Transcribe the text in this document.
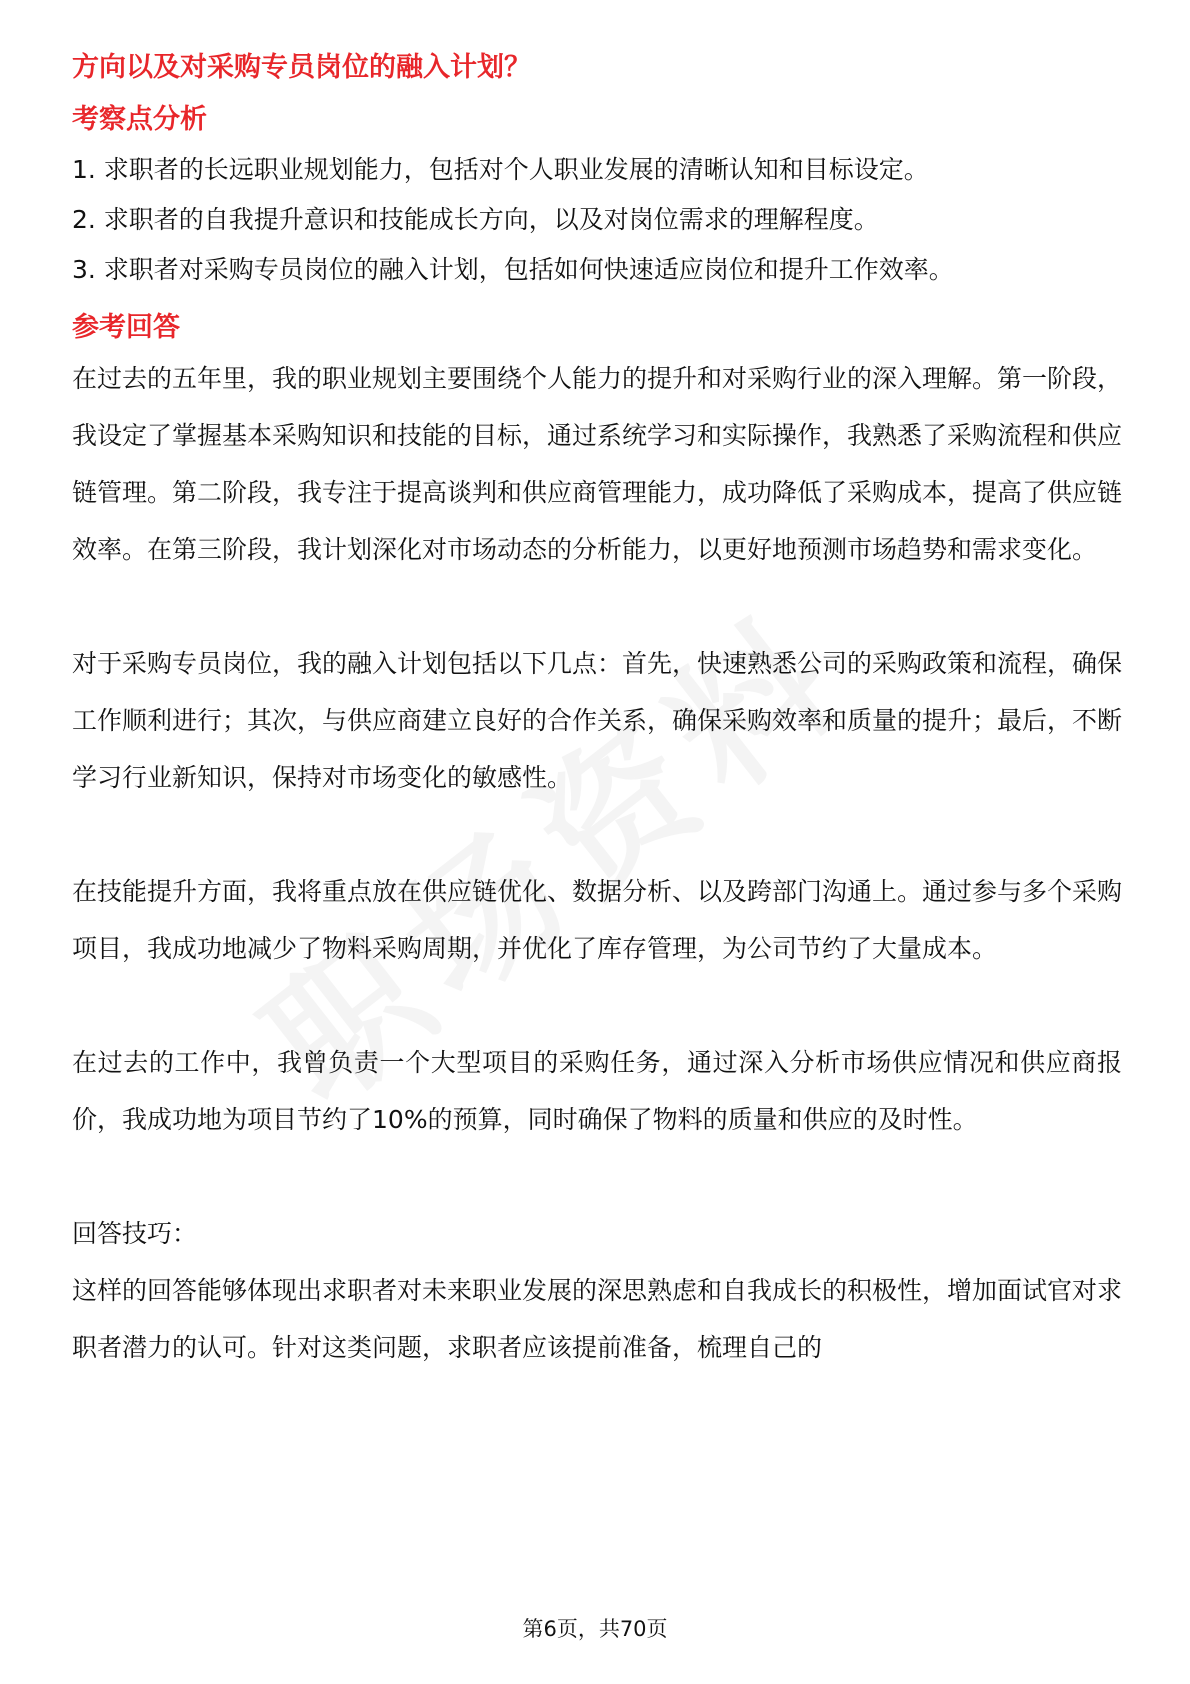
方向以及对采购专员岗位的融入计划？

考察点分析

1. 求职者的长远职业规划能力，包括对个人职业发展的清晰认知和目标设定。

2. 求职者的自我提升意识和技能成长方向，以及对岗位需求的理解程度。

3. 求职者对采购专员岗位的融入计划，包括如何快速适应岗位和提升工作效率。

参考回答

在过去的五年里，我的职业规划主要围绕个人能力的提升和对采购行业的深入理解。第一阶段，我设定了掌握基本采购知识和技能的目标，通过系统学习和实际操作，我熟悉了采购流程和供应链管理。第二阶段，我专注于提高谈判和供应商管理能力，成功降低了采购成本，提高了供应链效率。在第三阶段，我计划深化对市场动态的分析能力，以更好地预测市场趋势和需求变化。

对于采购专员岗位，我的融入计划包括以下几点：首先，快速熟悉公司的采购政策和流程，确保工作顺利进行；其次，与供应商建立良好的合作关系，确保采购效率和质量的提升；最后，不断学习行业新知识，保持对市场变化的敏感性。

在技能提升方面，我将重点放在供应链优化、数据分析、以及跨部门沟通上。通过参与多个采购项目，我成功地减少了物料采购周期，并优化了库存管理，为公司节约了大量成本。

在过去的工作中，我曾负责一个大型项目的采购任务，通过深入分析市场供应情况和供应商报价，我成功地为项目节约了10%的预算，同时确保了物料的质量和供应的及时性。

回答技巧：

这样的回答能够体现出求职者对未来职业发展的深思熟虑和自我成长的积极性，增加面试官对求职者潜力的认可。针对这类问题，求职者应该提前准备，梳理自己的

第6页，共70页
